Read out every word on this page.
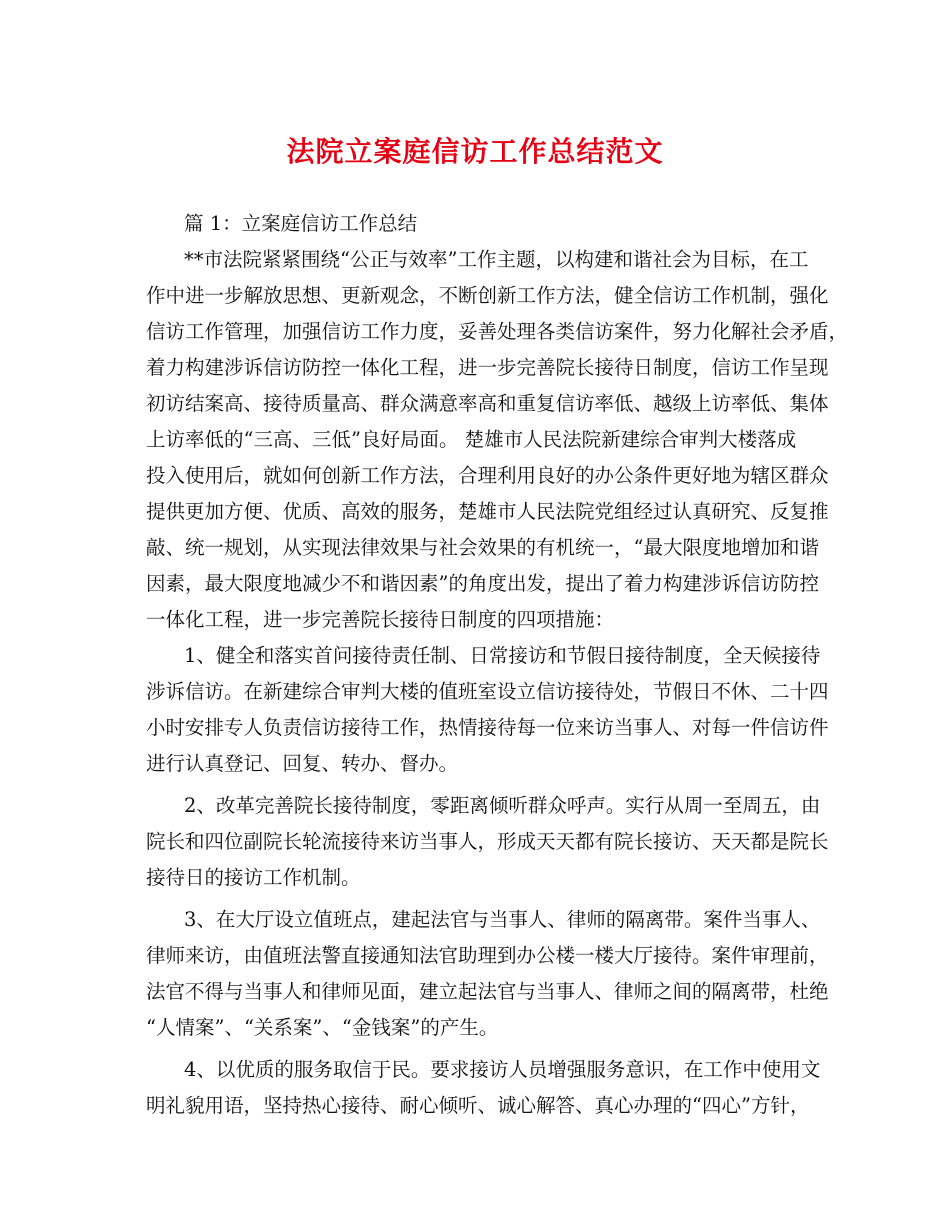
法院立案庭信访工作总结范文
篇 1：立案庭信访工作总结
**市法院紧紧围绕“公正与效率”工作主题，以构建和谐社会为目标，在工
作中进一步解放思想、更新观念，不断创新工作方法，健全信访工作机制，强化
信访工作管理，加强信访工作力度，妥善处理各类信访案件，努力化解社会矛盾，
着力构建涉诉信访防控一体化工程，进一步完善院长接待日制度，信访工作呈现
初访结案高、接待质量高、群众满意率高和重复信访率低、越级上访率低、集体
上访率低的“三高、三低”良好局面。 楚雄市人民法院新建综合审判大楼落成
投入使用后，就如何创新工作方法，合理利用良好的办公条件更好地为辖区群众
提供更加方便、优质、高效的服务，楚雄市人民法院党组经过认真研究、反复推
敲、统一规划，从实现法律效果与社会效果的有机统一，“最大限度地增加和谐
因素，最大限度地减少不和谐因素”的角度出发，提出了着力构建涉诉信访防控
一体化工程，进一步完善院长接待日制度的四项措施：
1、健全和落实首问接待责任制、日常接访和节假日接待制度，全天候接待
涉诉信访。在新建综合审判大楼的值班室设立信访接待处，节假日不休、二十四
小时安排专人负责信访接待工作，热情接待每一位来访当事人、对每一件信访件
进行认真登记、回复、转办、督办。
2、改革完善院长接待制度，零距离倾听群众呼声。实行从周一至周五，由
院长和四位副院长轮流接待来访当事人，形成天天都有院长接访、天天都是院长
接待日的接访工作机制。
3、在大厅设立值班点，建起法官与当事人、律师的隔离带。案件当事人、
律师来访，由值班法警直接通知法官助理到办公楼一楼大厅接待。案件审理前，
法官不得与当事人和律师见面，建立起法官与当事人、律师之间的隔离带，杜绝
“人情案”、“关系案”、“金钱案”的产生。
4、以优质的服务取信于民。要求接访人员增强服务意识，在工作中使用文
明礼貌用语，坚持热心接待、耐心倾听、诚心解答、真心办理的“四心”方针，
